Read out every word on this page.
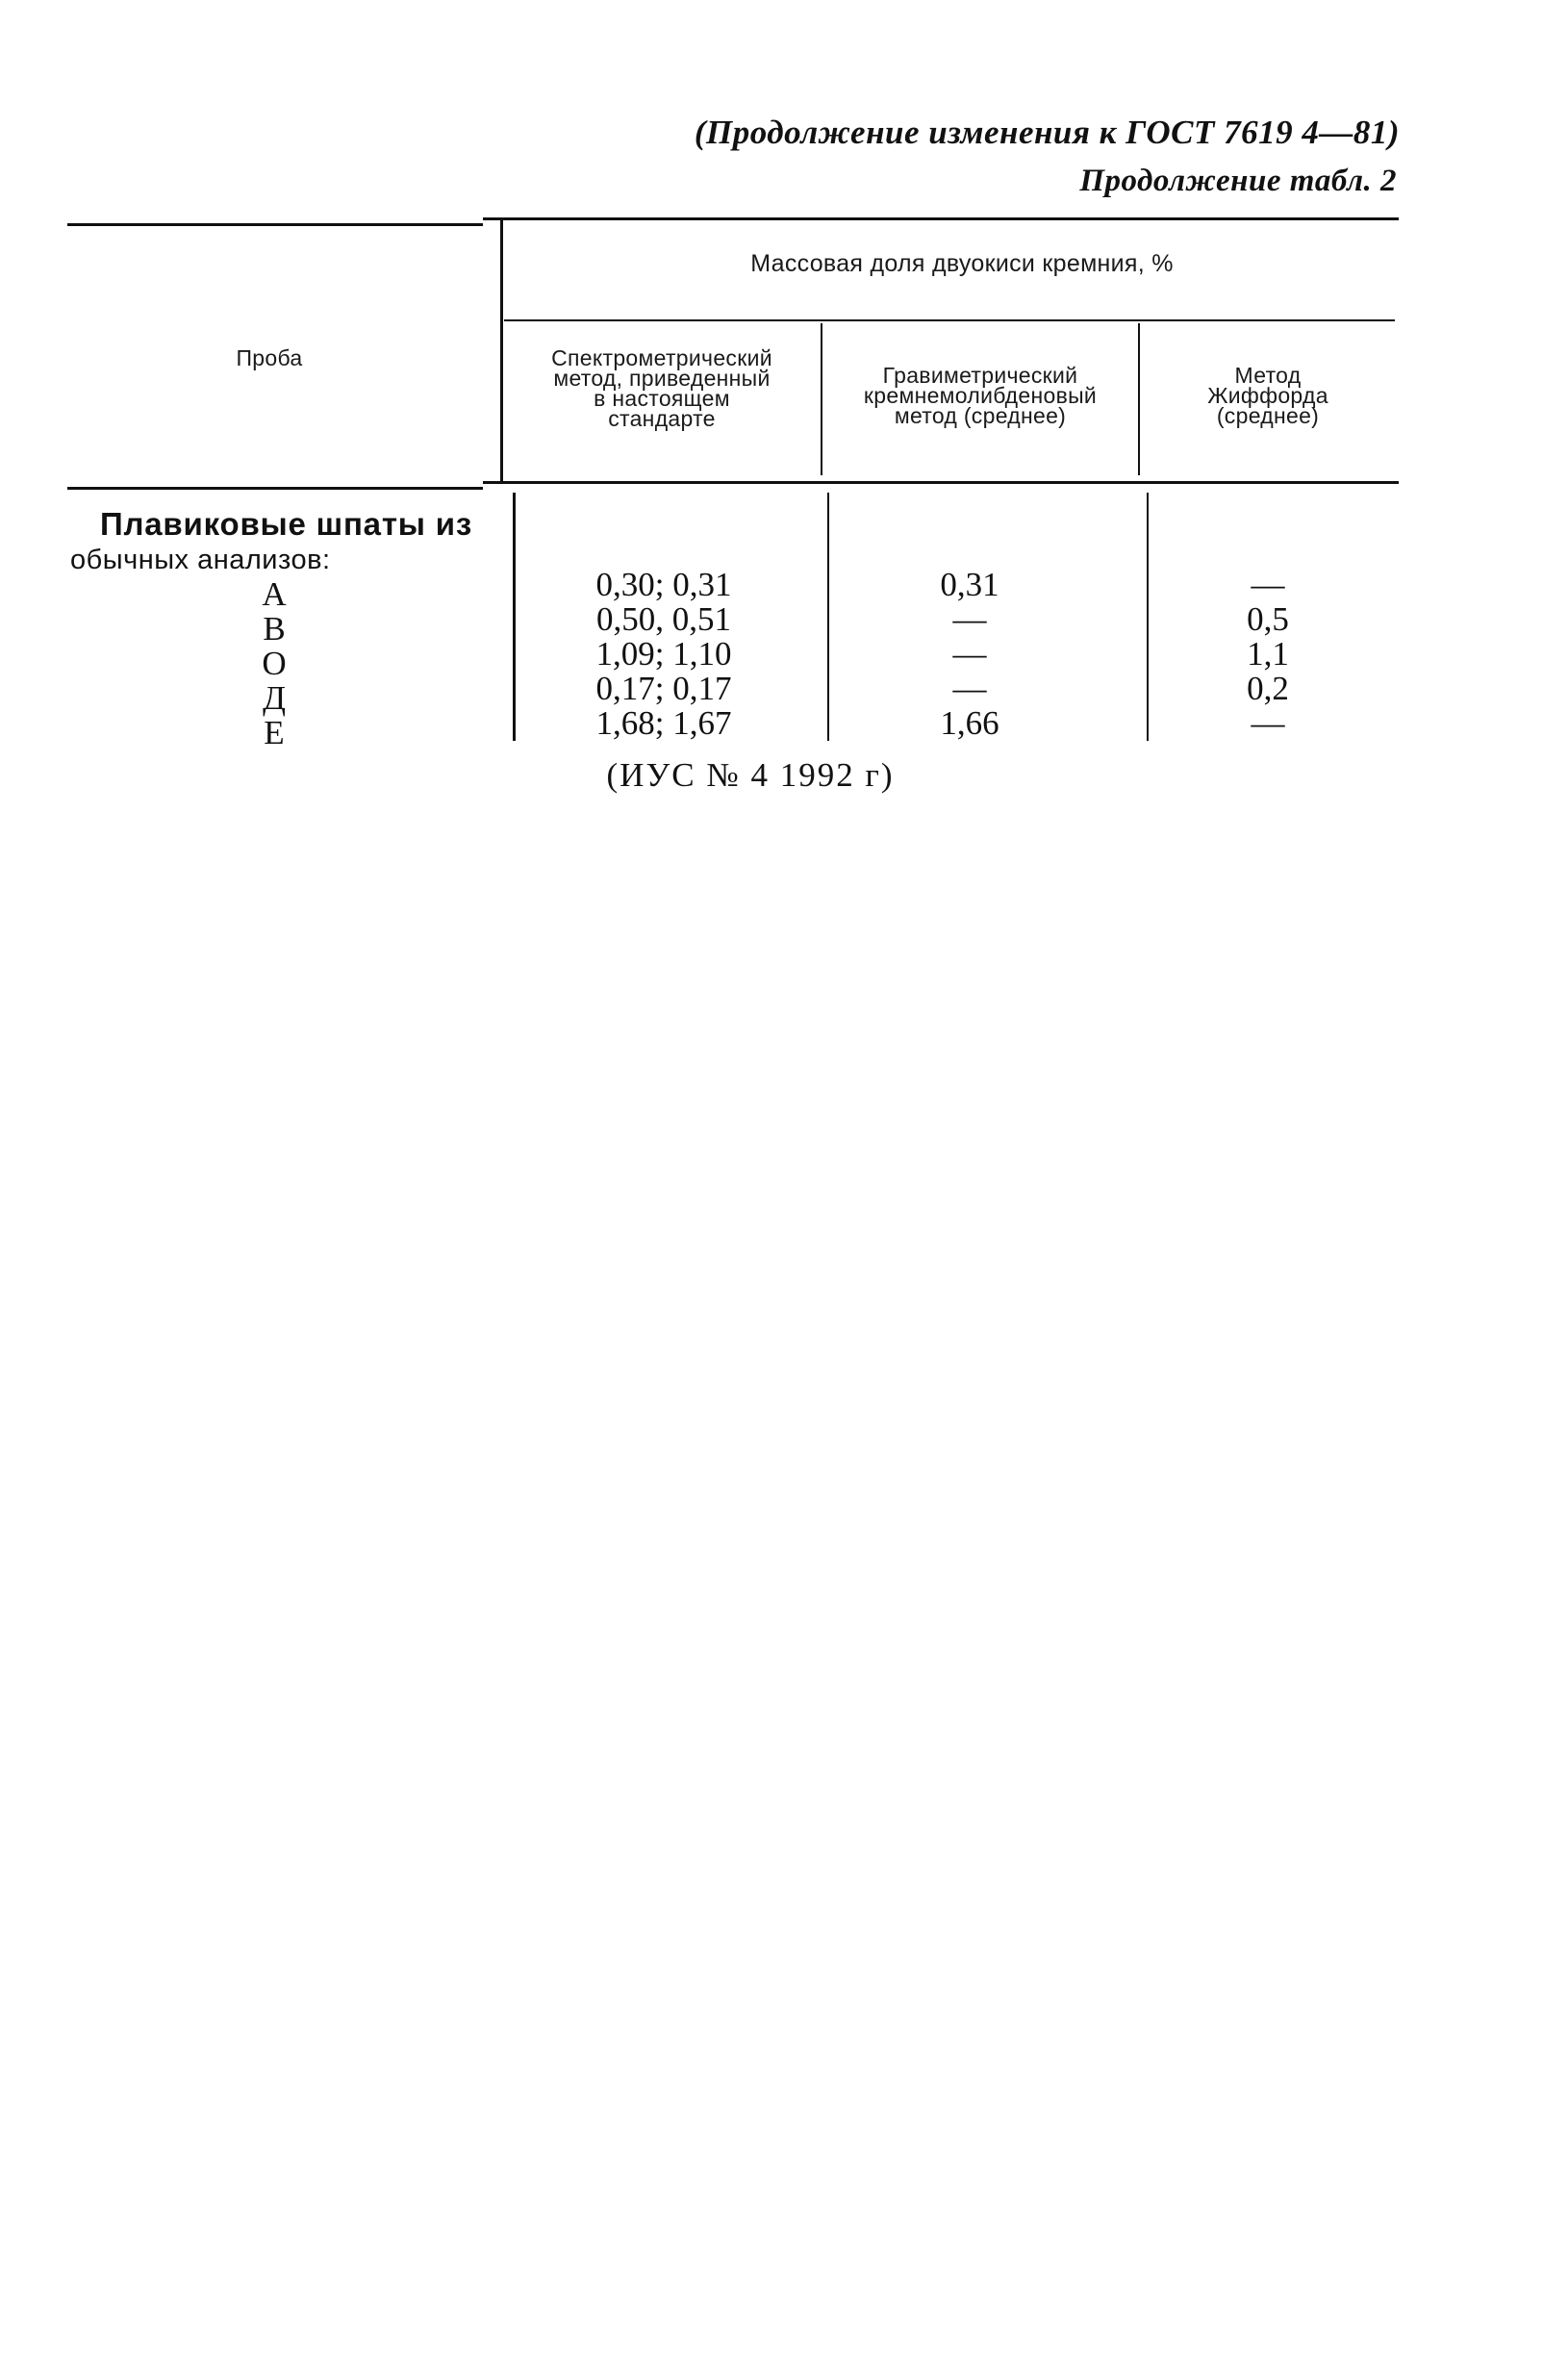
(Продолжение изменения к ГОСТ 7619 4—81)
Продолжение табл. 2
Проба
Массовая доля двуокиси кремния, %
Спектрометрический
метод, приведенный
в настоящем
стандарте
Гравиметрический
кремнемолибденовый
метод (среднее)
Метод
Жиффорда
(среднее)
Плавиковые шпаты из
обычных анализов:
А	0,30; 0,31	0,31	—
В	0,50, 0,51	—	0,5
О	1,09; 1,10	—	1,1
Д	0,17; 0,17	—	0,2
Е	1,68; 1,67	1,66	—
(ИУС № 4 1992 г)
